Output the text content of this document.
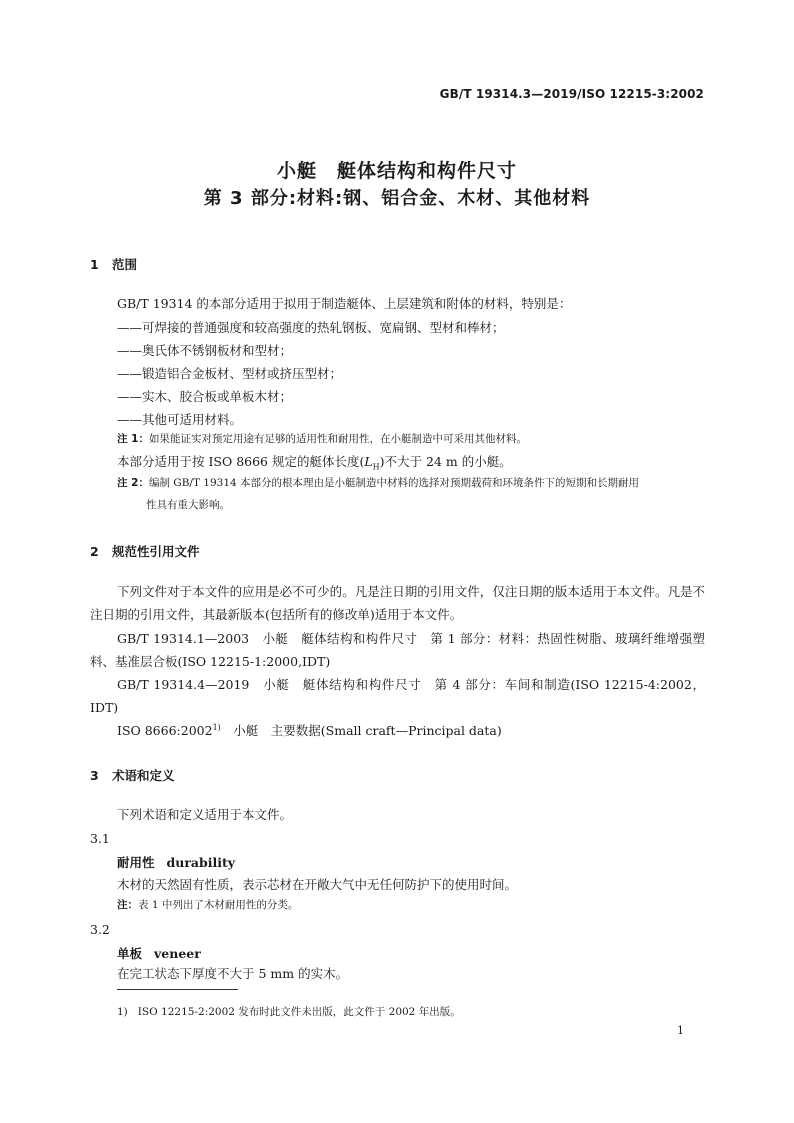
GB/T 19314.3—2019/ISO 12215-3:2002
小艇　艇体结构和构件尺寸
第 3 部分:材料:钢、铝合金、木材、其他材料
1 范围
GB/T 19314 的本部分适用于拟用于制造艇体、上层建筑和附体的材料，特别是：
——可焊接的普通强度和较高强度的热轧钢板、宽扁钢、型材和棒材；
——奥氏体不锈钢板材和型材；
——锻造铝合金板材、型材或挤压型材；
——实木、胶合板或单板木材；
——其他可适用材料。
注 1：如果能证实对预定用途有足够的适用性和耐用性，在小艇制造中可采用其他材料。
本部分适用于按 ISO 8666 规定的艇体长度$(L_H)$不大于 24 m 的小艇。
注 2：编制 GB/T 19314 本部分的根本理由是小艇制造中材料的选择对预期载荷和环境条件下的短期和长期耐用
性具有重大影响。
2 规范性引用文件
下列文件对于本文件的应用是必不可少的。凡是注日期的引用文件，仅注日期的版本适用于本文件。凡是不注日期的引用文件，其最新版本(包括所有的修改单)适用于本文件。
GB/T 19314.1—2003　小艇　艇体结构和构件尺寸　第 1 部分：材料：热固性树脂、玻璃纤维增强塑料、基准层合板(ISO 12215-1:2000,IDT)
GB/T 19314.4—2019　小艇　艇体结构和构件尺寸　第 4 部分：车间和制造(ISO 12215-4:2002，IDT)
ISO 8666:2002$^{1)}$　小艇　主要数据(Small craft—Principal data)
3 术语和定义
下列术语和定义适用于本文件。
3.1
耐用性 durability
木材的天然固有性质，表示芯材在开敞大气中无任何防护下的使用时间。
注：表 1 中列出了木材耐用性的分类。
3.2
单板 veneer
在完工状态下厚度不大于 5 mm 的实木。
1) ISO 12215-2:2002 发布时此文件未出版，此文件于 2002 年出版。
1
